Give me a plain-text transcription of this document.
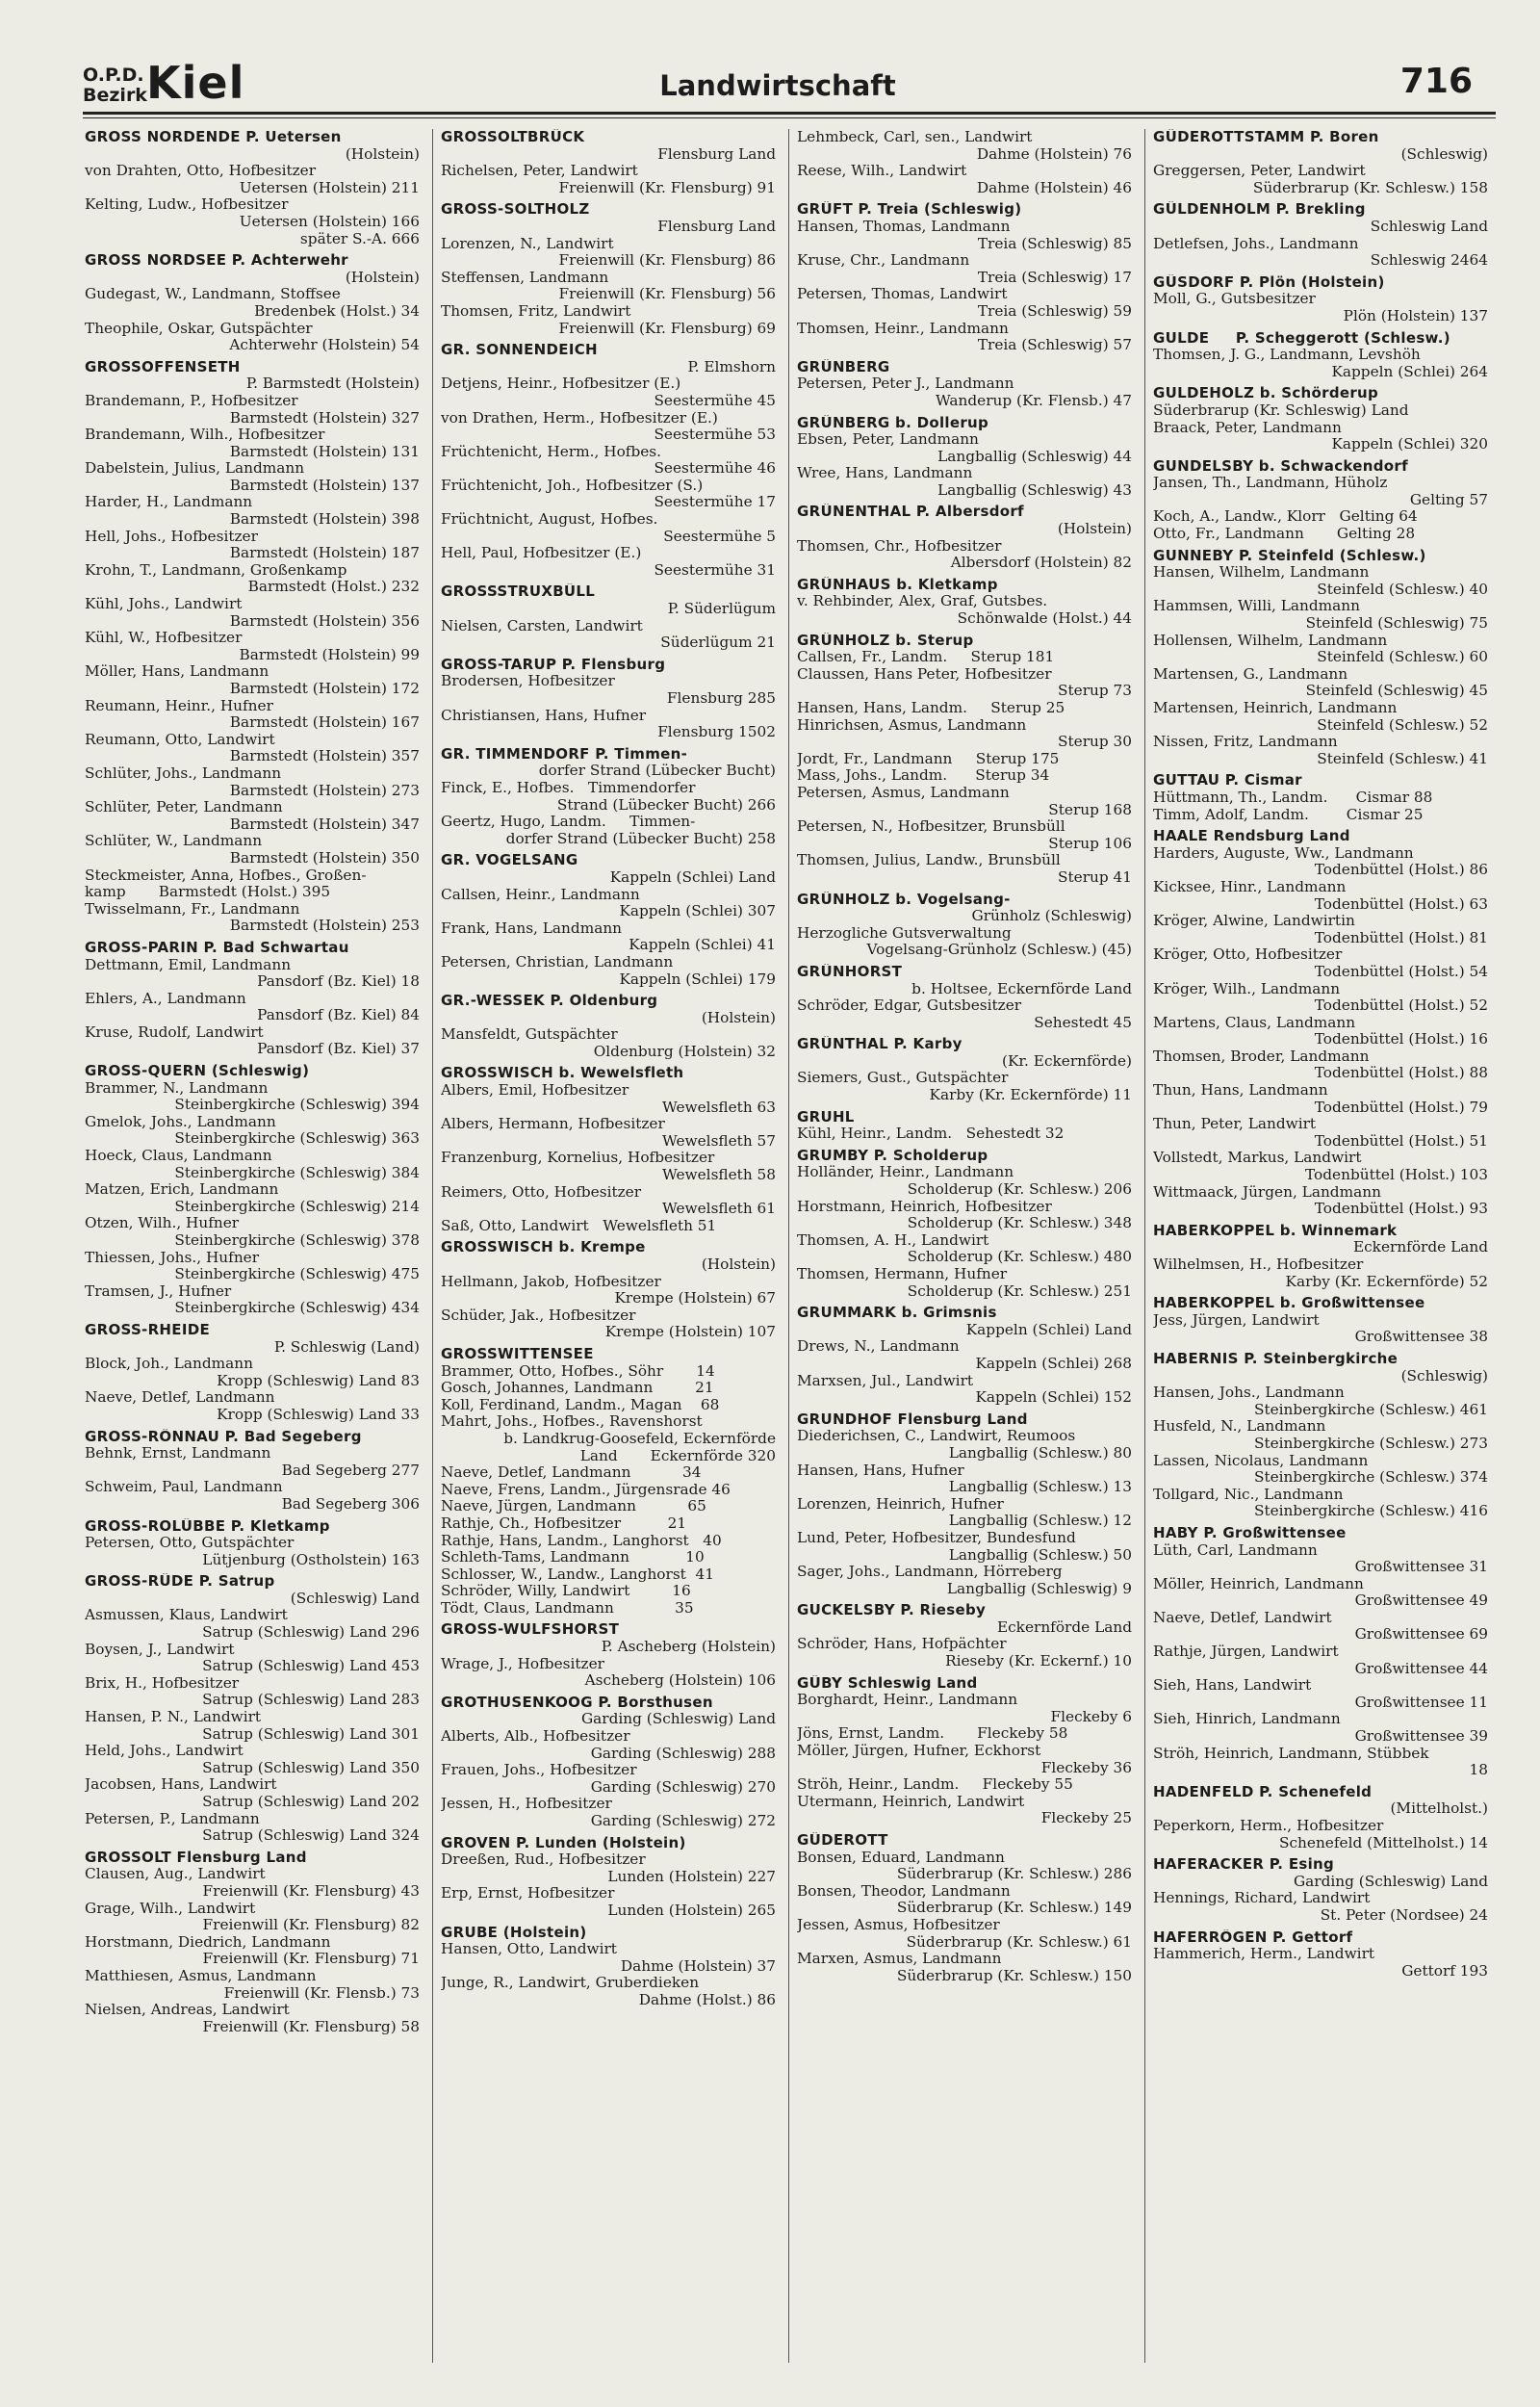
O.P.D.
Bezirk Kiel	Landwirtschaft	716
GROSS NORDENDE P. Uetersen
(Holstein)
von Drahten, Otto, Hofbesitzer
Uetersen (Holstein) 211
Kelting, Ludw., Hofbesitzer
Uetersen (Holstein) 166
später S.-A. 666
GROSS NORDSEE P. Achterwehr
(Holstein)
Gudegast, W., Landmann, Stoffsee
Bredenbek (Holst.) 34
Theophile, Oskar, Gutspächter
Achterwehr (Holstein) 54
GROSSOFFENSETH
P. Barmstedt (Holstein)
Brandemann, P., Hofbesitzer
Barmstedt (Holstein) 327
Brandemann, Wilh., Hofbesitzer
Barmstedt (Holstein) 131
Dabelstein, Julius, Landmann
Barmstedt (Holstein) 137
Harder, H., Landmann
Barmstedt (Holstein) 398
Hell, Johs., Hofbesitzer
Barmstedt (Holstein) 187
Krohn, T., Landmann, Großenkamp
Barmstedt (Holst.) 232
Kühl, Johs., Landwirt
Barmstedt (Holstein) 356
Kühl, W., Hofbesitzer
Barmstedt (Holstein) 99
Möller, Hans, Landmann
Barmstedt (Holstein) 172
Reumann, Heinr., Hufner
Barmstedt (Holstein) 167
Reumann, Otto, Landwirt
Barmstedt (Holstein) 357
Schlüter, Johs., Landmann
Barmstedt (Holstein) 273
Schlüter, Peter, Landmann
Barmstedt (Holstein) 347
Schlüter, W., Landmann
Barmstedt (Holstein) 350
Steckmeister, Anna, Hofbes., Großen-
kamp       Barmstedt (Holst.) 395
Twisselmann, Fr., Landmann
Barmstedt (Holstein) 253
GROSS-PARIN P. Bad Schwartau
Dettmann, Emil, Landmann
Pansdorf (Bz. Kiel) 18
Ehlers, A., Landmann
Pansdorf (Bz. Kiel) 84
Kruse, Rudolf, Landwirt
Pansdorf (Bz. Kiel) 37
GROSS-QUERN (Schleswig)
Brammer, N., Landmann
Steinbergkirche (Schleswig) 394
Gmelok, Johs., Landmann
Steinbergkirche (Schleswig) 363
Hoeck, Claus, Landmann
Steinbergkirche (Schleswig) 384
Matzen, Erich, Landmann
Steinbergkirche (Schleswig) 214
Otzen, Wilh., Hufner
Steinbergkirche (Schleswig) 378
Thiessen, Johs., Hufner
Steinbergkirche (Schleswig) 475
Tramsen, J., Hufner
Steinbergkirche (Schleswig) 434
GROSS-RHEIDE
P. Schleswig (Land)
Block, Joh., Landmann
Kropp (Schleswig) Land 83
Naeve, Detlef, Landmann
Kropp (Schleswig) Land 33
GROSS-RÖNNAU P. Bad Segeberg
Behnk, Ernst, Landmann
Bad Segeberg 277
Schweim, Paul, Landmann
Bad Segeberg 306
GROSS-ROLÜBBE P. Kletkamp
Petersen, Otto, Gutspächter
Lütjenburg (Ostholstein) 163
GROSS-RÜDE P. Satrup
(Schleswig) Land
Asmussen, Klaus, Landwirt
Satrup (Schleswig) Land 296
Boysen, J., Landwirt
Satrup (Schleswig) Land 453
Brix, H., Hofbesitzer
Satrup (Schleswig) Land 283
Hansen, P. N., Landwirt
Satrup (Schleswig) Land 301
Held, Johs., Landwirt
Satrup (Schleswig) Land 350
Jacobsen, Hans, Landwirt
Satrup (Schleswig) Land 202
Petersen, P., Landmann
Satrup (Schleswig) Land 324
GROSSOLT Flensburg Land
Clausen, Aug., Landwirt
Freienwill (Kr. Flensburg) 43
Grage, Wilh., Landwirt
Freienwill (Kr. Flensburg) 82
Horstmann, Diedrich, Landmann
Freienwill (Kr. Flensburg) 71
Matthiesen, Asmus, Landmann
Freienwill (Kr. Flensb.) 73
Nielsen, Andreas, Landwirt
Freienwill (Kr. Flensburg) 58
GROSSOLTBRÜCK
Flensburg Land
Richelsen, Peter, Landwirt
Freienwill (Kr. Flensburg) 91
GROSS-SOLTHOLZ
Flensburg Land
Lorenzen, N., Landwirt
Freienwill (Kr. Flensburg) 86
Steffensen, Landmann
Freienwill (Kr. Flensburg) 56
Thomsen, Fritz, Landwirt
Freienwill (Kr. Flensburg) 69
GR. SONNENDEICH
P. Elmshorn
Detjens, Heinr., Hofbesitzer (E.)
Seestermühe 45
von Drathen, Herm., Hofbesitzer (E.)
Seestermühe 53
Früchtenicht, Herm., Hofbes.
Seestermühe 46
Früchtenicht, Joh., Hofbesitzer (S.)
Seestermühe 17
Früchtnicht, August, Hofbes.
Seestermühe 5
Hell, Paul, Hofbesitzer (E.)
Seestermühe 31
GROSSSTRUXBÜLL
P. Süderlügum
Nielsen, Carsten, Landwirt
Süderlügum 21
GROSS-TARUP P. Flensburg
Brodersen, Hofbesitzer
Flensburg 285
Christiansen, Hans, Hufner
Flensburg 1502
GR. TIMMENDORF P. Timmen-
dorfer Strand (Lübecker Bucht)
Finck, E., Hofbes.   Timmendorfer
Strand (Lübecker Bucht) 266
Geertz, Hugo, Landm.     Timmen-
dorfer Strand (Lübecker Bucht) 258
GR. VOGELSANG
Kappeln (Schlei) Land
Callsen, Heinr., Landmann
Kappeln (Schlei) 307
Frank, Hans, Landmann
Kappeln (Schlei) 41
Petersen, Christian, Landmann
Kappeln (Schlei) 179
GR.-WESSEK P. Oldenburg
(Holstein)
Mansfeldt, Gutspächter
Oldenburg (Holstein) 32
GROSSWISCH b. Wewelsfleth
Albers, Emil, Hofbesitzer
Wewelsfleth 63
Albers, Hermann, Hofbesitzer
Wewelsfleth 57
Franzenburg, Kornelius, Hofbesitzer
Wewelsfleth 58
Reimers, Otto, Hofbesitzer
Wewelsfleth 61
Saß, Otto, Landwirt   Wewelsfleth 51
GROSSWISCH b. Krempe
(Holstein)
Hellmann, Jakob, Hofbesitzer
Krempe (Holstein) 67
Schüder, Jak., Hofbesitzer
Krempe (Holstein) 107
GROSSWITTENSEE
Brammer, Otto, Hofbes., Söhr       14
Gosch, Johannes, Landmann         21
Koll, Ferdinand, Landm., Magan    68
Mahrt, Johs., Hofbes., Ravenshorst
b. Landkrug-Goosefeld, Eckernförde
Land       Eckernförde 320
Naeve, Detlef, Landmann           34
Naeve, Frens, Landm., Jürgensrade 46
Naeve, Jürgen, Landmann           65
Rathje, Ch., Hofbesitzer          21
Rathje, Hans, Landm., Langhorst   40
Schleth-Tams, Landmann            10
Schlosser, W., Landw., Langhorst  41
Schröder, Willy, Landwirt         16
Tödt, Claus, Landmann             35
GROSS-WULFSHORST
P. Ascheberg (Holstein)
Wrage, J., Hofbesitzer
Ascheberg (Holstein) 106
GROTHUSENKOOG P. Borsthusen
Garding (Schleswig) Land
Alberts, Alb., Hofbesitzer
Garding (Schleswig) 288
Frauen, Johs., Hofbesitzer
Garding (Schleswig) 270
Jessen, H., Hofbesitzer
Garding (Schleswig) 272
GROVEN P. Lunden (Holstein)
Dreeßen, Rud., Hofbesitzer
Lunden (Holstein) 227
Erp, Ernst, Hofbesitzer
Lunden (Holstein) 265
GRUBE (Holstein)
Hansen, Otto, Landwirt
Dahme (Holstein) 37
Junge, R., Landwirt, Gruberdieken
Dahme (Holst.) 86
Lehmbeck, Carl, sen., Landwirt
Dahme (Holstein) 76
Reese, Wilh., Landwirt
Dahme (Holstein) 46
GRÜFT P. Treia (Schleswig)
Hansen, Thomas, Landmann
Treia (Schleswig) 85
Kruse, Chr., Landmann
Treia (Schleswig) 17
Petersen, Thomas, Landwirt
Treia (Schleswig) 59
Thomsen, Heinr., Landmann
Treia (Schleswig) 57
GRÜNBERG
Petersen, Peter J., Landmann
Wanderup (Kr. Flensb.) 47
GRÜNBERG b. Dollerup
Ebsen, Peter, Landmann
Langballig (Schleswig) 44
Wree, Hans, Landmann
Langballig (Schleswig) 43
GRÜNENTHAL P. Albersdorf
(Holstein)
Thomsen, Chr., Hofbesitzer
Albersdorf (Holstein) 82
GRÜNHAUS b. Kletkamp
v. Rehbinder, Alex, Graf, Gutsbes.
Schönwalde (Holst.) 44
GRÜNHOLZ b. Sterup
Callsen, Fr., Landm.     Sterup 181
Claussen, Hans Peter, Hofbesitzer
Sterup 73
Hansen, Hans, Landm.     Sterup 25
Hinrichsen, Asmus, Landmann
Sterup 30
Jordt, Fr., Landmann     Sterup 175
Mass, Johs., Landm.      Sterup 34
Petersen, Asmus, Landmann
Sterup 168
Petersen, N., Hofbesitzer, Brunsbüll
Sterup 106
Thomsen, Julius, Landw., Brunsbüll
Sterup 41
GRÜNHOLZ b. Vogelsang-
Grünholz (Schleswig)
Herzogliche Gutsverwaltung
Vogelsang-Grünholz (Schlesw.) (45)
GRÜNHORST
b. Holtsee, Eckernförde Land
Schröder, Edgar, Gutsbesitzer
Sehestedt 45
GRÜNTHAL P. Karby
(Kr. Eckernförde)
Siemers, Gust., Gutspächter
Karby (Kr. Eckernförde) 11
GRUHL
Kühl, Heinr., Landm.   Sehestedt 32
GRUMBY P. Scholderup
Holländer, Heinr., Landmann
Scholderup (Kr. Schlesw.) 206
Horstmann, Heinrich, Hofbesitzer
Scholderup (Kr. Schlesw.) 348
Thomsen, A. H., Landwirt
Scholderup (Kr. Schlesw.) 480
Thomsen, Hermann, Hufner
Scholderup (Kr. Schlesw.) 251
GRUMMARK b. Grimsnis
Kappeln (Schlei) Land
Drews, N., Landmann
Kappeln (Schlei) 268
Marxsen, Jul., Landwirt
Kappeln (Schlei) 152
GRUNDHOF Flensburg Land
Diederichsen, C., Landwirt, Reumoos
Langballig (Schlesw.) 80
Hansen, Hans, Hufner
Langballig (Schlesw.) 13
Lorenzen, Heinrich, Hufner
Langballig (Schlesw.) 12
Lund, Peter, Hofbesitzer, Bundesfund
Langballig (Schlesw.) 50
Sager, Johs., Landmann, Hörreberg
Langballig (Schleswig) 9
GUCKELSBY P. Rieseby
Eckernförde Land
Schröder, Hans, Hofpächter
Rieseby (Kr. Eckernf.) 10
GÜBY Schleswig Land
Borghardt, Heinr., Landmann
Fleckeby 6
Jöns, Ernst, Landm.       Fleckeby 58
Möller, Jürgen, Hufner, Eckhorst
Fleckeby 36
Ströh, Heinr., Landm.     Fleckeby 55
Utermann, Heinrich, Landwirt
Fleckeby 25
GÜDEROTT
Bonsen, Eduard, Landmann
Süderbrarup (Kr. Schlesw.) 286
Bonsen, Theodor, Landmann
Süderbrarup (Kr. Schlesw.) 149
Jessen, Asmus, Hofbesitzer
Süderbrarup (Kr. Schlesw.) 61
Marxen, Asmus, Landmann
Süderbrarup (Kr. Schlesw.) 150
GÜDEROTTSTAMM P. Boren
(Schleswig)
Greggersen, Peter, Landwirt
Süderbrarup (Kr. Schlesw.) 158
GÜLDENHOLM P. Brekling
Schleswig Land
Detlefsen, Johs., Landmann
Schleswig 2464
GÜSDORF P. Plön (Holstein)
Moll, G., Gutsbesitzer
Plön (Holstein) 137
GULDE     P. Scheggerott (Schlesw.)
Thomsen, J. G., Landmann, Levshöh
Kappeln (Schlei) 264
GULDEHOLZ b. Schörderup
Süderbrarup (Kr. Schleswig) Land
Braack, Peter, Landmann
Kappeln (Schlei) 320
GUNDELSBY b. Schwackendorf
Jansen, Th., Landmann, Hüholz
Gelting 57
Koch, A., Landw., Klorr   Gelting 64
Otto, Fr., Landmann       Gelting 28
GUNNEBY P. Steinfeld (Schlesw.)
Hansen, Wilhelm, Landmann
Steinfeld (Schlesw.) 40
Hammsen, Willi, Landmann
Steinfeld (Schleswig) 75
Hollensen, Wilhelm, Landmann
Steinfeld (Schlesw.) 60
Martensen, G., Landmann
Steinfeld (Schleswig) 45
Martensen, Heinrich, Landmann
Steinfeld (Schlesw.) 52
Nissen, Fritz, Landmann
Steinfeld (Schlesw.) 41
GUTTAU P. Cismar
Hüttmann, Th., Landm.      Cismar 88
Timm, Adolf, Landm.        Cismar 25
HAALE Rendsburg Land
Harders, Auguste, Ww., Landmann
Todenbüttel (Holst.) 86
Kicksee, Hinr., Landmann
Todenbüttel (Holst.) 63
Kröger, Alwine, Landwirtin
Todenbüttel (Holst.) 81
Kröger, Otto, Hofbesitzer
Todenbüttel (Holst.) 54
Kröger, Wilh., Landmann
Todenbüttel (Holst.) 52
Martens, Claus, Landmann
Todenbüttel (Holst.) 16
Thomsen, Broder, Landmann
Todenbüttel (Holst.) 88
Thun, Hans, Landmann
Todenbüttel (Holst.) 79
Thun, Peter, Landwirt
Todenbüttel (Holst.) 51
Vollstedt, Markus, Landwirt
Todenbüttel (Holst.) 103
Wittmaack, Jürgen, Landmann
Todenbüttel (Holst.) 93
HABERKOPPEL b. Winnemark
Eckernförde Land
Wilhelmsen, H., Hofbesitzer
Karby (Kr. Eckernförde) 52
HABERKOPPEL b. Großwittensee
Jess, Jürgen, Landwirt
Großwittensee 38
HABERNIS P. Steinbergkirche
(Schleswig)
Hansen, Johs., Landmann
Steinbergkirche (Schlesw.) 461
Husfeld, N., Landmann
Steinbergkirche (Schlesw.) 273
Lassen, Nicolaus, Landmann
Steinbergkirche (Schlesw.) 374
Tollgard, Nic., Landmann
Steinbergkirche (Schlesw.) 416
HABY P. Großwittensee
Lüth, Carl, Landmann
Großwittensee 31
Möller, Heinrich, Landmann
Großwittensee 49
Naeve, Detlef, Landwirt
Großwittensee 69
Rathje, Jürgen, Landwirt
Großwittensee 44
Sieh, Hans, Landwirt
Großwittensee 11
Sieh, Hinrich, Landmann
Großwittensee 39
Ströh, Heinrich, Landmann, Stübbek
18
HADENFELD P. Schenefeld
(Mittelholst.)
Peperkorn, Herm., Hofbesitzer
Schenefeld (Mittelholst.) 14
HAFERACKER P. Esing
Garding (Schleswig) Land
Hennings, Richard, Landwirt
St. Peter (Nordsee) 24
HAFERRÖGEN P. Gettorf
Hammerich, Herm., Landwirt
Gettorf 193
